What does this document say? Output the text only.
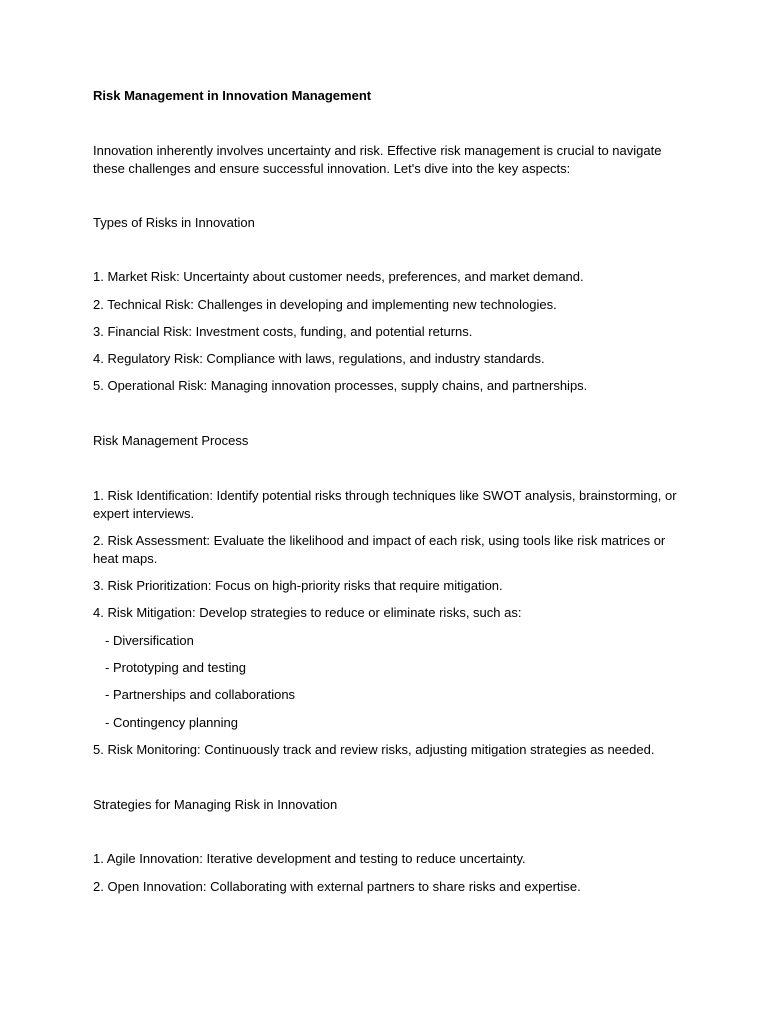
Risk Management in Innovation Management
Innovation inherently involves uncertainty and risk. Effective risk management is crucial to navigate these challenges and ensure successful innovation. Let's dive into the key aspects:
Types of Risks in Innovation
1. Market Risk: Uncertainty about customer needs, preferences, and market demand.
2. Technical Risk: Challenges in developing and implementing new technologies.
3. Financial Risk: Investment costs, funding, and potential returns.
4. Regulatory Risk: Compliance with laws, regulations, and industry standards.
5. Operational Risk: Managing innovation processes, supply chains, and partnerships.
Risk Management Process
1. Risk Identification: Identify potential risks through techniques like SWOT analysis, brainstorming, or expert interviews.
2. Risk Assessment: Evaluate the likelihood and impact of each risk, using tools like risk matrices or heat maps.
3. Risk Prioritization: Focus on high-priority risks that require mitigation.
4. Risk Mitigation: Develop strategies to reduce or eliminate risks, such as:
- Diversification
- Prototyping and testing
- Partnerships and collaborations
- Contingency planning
5. Risk Monitoring: Continuously track and review risks, adjusting mitigation strategies as needed.
Strategies for Managing Risk in Innovation
1. Agile Innovation: Iterative development and testing to reduce uncertainty.
2. Open Innovation: Collaborating with external partners to share risks and expertise.
